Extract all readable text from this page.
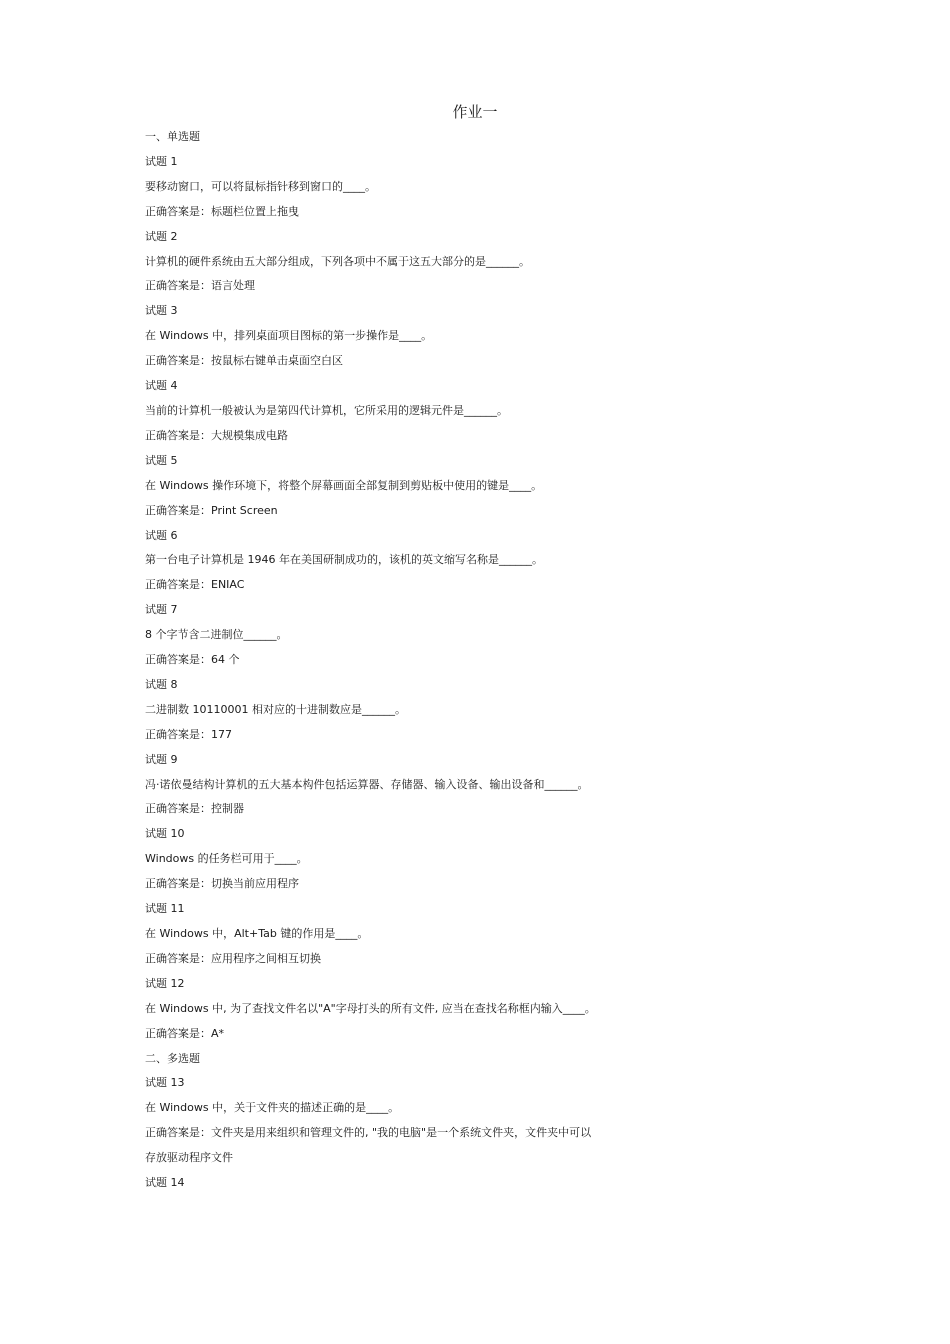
作业一
一、单选题
试题 1
要移动窗口，可以将鼠标指针移到窗口的____。
正确答案是：标题栏位置上拖曳
试题 2
计算机的硬件系统由五大部分组成，下列各项中不属于这五大部分的是______。
正确答案是：语言处理
试题 3
在 Windows 中，排列桌面项目图标的第一步操作是____。
正确答案是：按鼠标右键单击桌面空白区
试题 4
当前的计算机一般被认为是第四代计算机，它所采用的逻辑元件是______。
正确答案是：大规模集成电路
试题 5
在 Windows 操作环境下，将整个屏幕画面全部复制到剪贴板中使用的键是____。
正确答案是：Print Screen
试题 6
第一台电子计算机是 1946 年在美国研制成功的，该机的英文缩写名称是______。
正确答案是：ENIAC
试题 7
8 个字节含二进制位______。
正确答案是：64 个
试题 8
二进制数 10110001 相对应的十进制数应是______。
正确答案是：177
试题 9
冯·诺依曼结构计算机的五大基本构件包括运算器、存储器、输入设备、输出设备和______。
正确答案是：控制器
试题 10
Windows 的任务栏可用于____。
正确答案是：切换当前应用程序
试题 11
在 Windows 中，Alt+Tab 键的作用是____。
正确答案是：应用程序之间相互切换
试题 12
在 Windows 中, 为了查找文件名以"A"字母打头的所有文件, 应当在查找名称框内输入____。
正确答案是：A*
二、多选题
试题 13
在 Windows 中，关于文件夹的描述正确的是____。
正确答案是：文件夹是用来组织和管理文件的, "我的电脑"是一个系统文件夹，文件夹中可以
存放驱动程序文件
试题 14
